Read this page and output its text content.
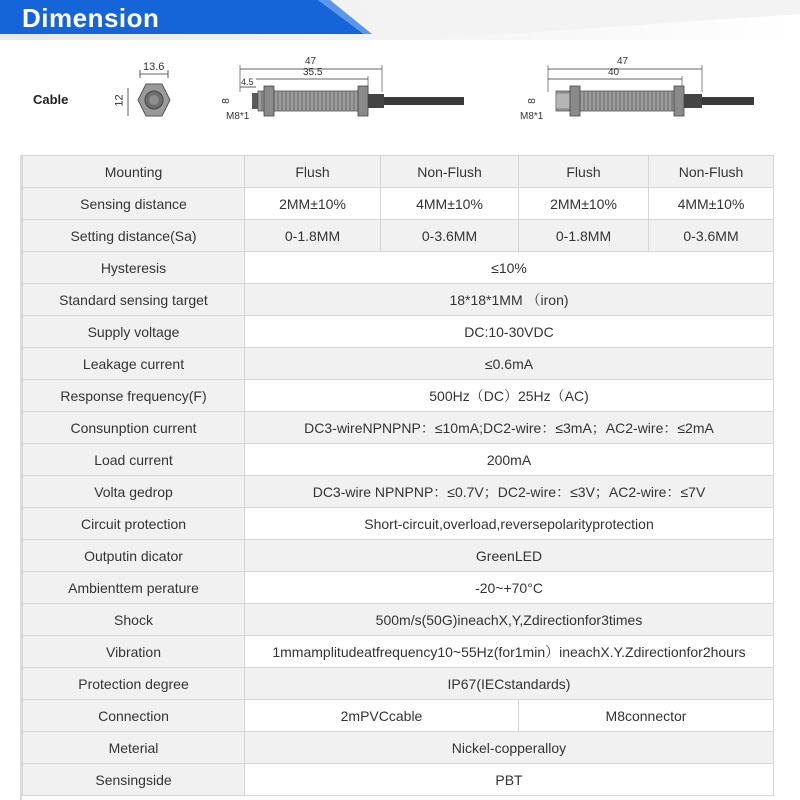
Dimension
Cable
13.6
12
47
35.5
4.5
8
M8*1
47
40
8
M8*1
Mounting	Flush	Non-Flush	Flush	Non-Flush
Sensing distance	2MM±10%	4MM±10%	2MM±10%	4MM±10%
Setting distance(Sa)	0-1.8MM	0-3.6MM	0-1.8MM	0-3.6MM
Hysteresis	≤10%			
Standard sensing target	18*18*1MM （iron)			
Supply voltage	DC:10-30VDC			
Leakage current	≤0.6mA			
Response frequency(F)	500Hz（DC）25Hz（AC)			
Consunption current	DC3-wireNPNPNP：≤10mA;DC2-wire：≤3mA；AC2-wire：≤2mA			
Load current	200mA			
Volta gedrop	DC3-wire NPNPNP：≤0.7V；DC2-wire：≤3V；AC2-wire：≤7V			
Circuit protection	Short-circuit,overload,reversepolarityprotection			
Outputin dicator	GreenLED			
Ambienttem perature	-20~+70°C			
Shock	500m/s(50G)ineachX,Y,Zdirectionfor3times			
Vibration	1mmamplitudeatfrequency10~55Hz(for1min）ineachX.Y.Zdirectionfor2hours			
Protection degree	IP67(IECstandards)			
Connection	2mPVCcable		M8connector	
Meterial	Nickel-copperalloy			
Sensingside	PBT			
